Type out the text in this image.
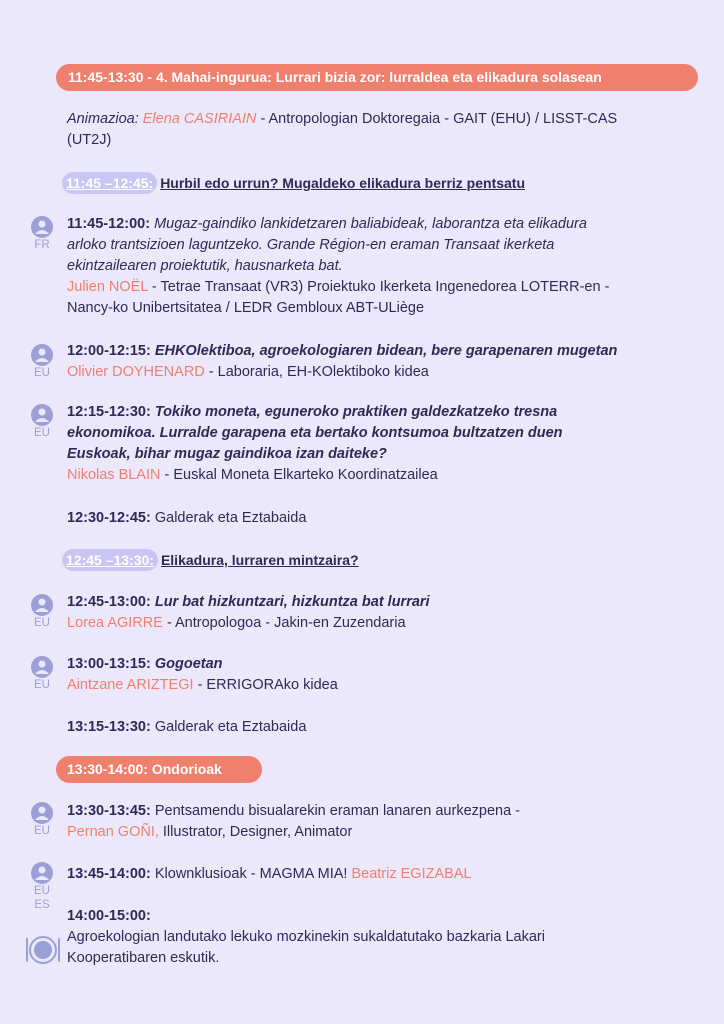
11:45-13:30 - 4. Mahai-ingurua: Lurrari bizia zor: lurraldea eta elikadura solasean
Animazioa: Elena CASIRIAIN - Antropologian Doktoregaia - GAIT (EHU) / LISST-CAS
(UT2J)
11:45 –12:45: Hurbil edo urrun? Mugaldeko elikadura berriz pentsatu
FR
11:45-12:00: Mugaz-gaindiko lankidetzaren baliabideak, laborantza eta elikadura
arloko trantsizioen laguntzeko. Grande Région-en eraman Transaat ikerketa
ekintzailearen proiektutik, hausnarketa bat.
Julien NOËL - Tetrae Transaat (VR3) Proiektuko Ikerketa Ingenedorea LOTERR-en -
Nancy-ko Unibertsitatea / LEDR Gembloux ABT-ULiège
EU
12:00-12:15: EHKOlektiboa, agroekologiaren bidean, bere garapenaren mugetan
Olivier DOYHENARD - Laboraria, EH-KOlektiboko kidea
EU
12:15-12:30: Tokiko moneta, eguneroko praktiken galdezkatzeko tresna
ekonomikoa. Lurralde garapena eta bertako kontsumoa bultzatzen duen
Euskoak, bihar mugaz gaindikoa izan daiteke?
Nikolas BLAIN - Euskal Moneta Elkarteko Koordinatzailea
12:30-12:45: Galderak eta Eztabaida
12:45 –13:30: Elikadura, lurraren mintzaira?
EU
12:45-13:00: Lur bat hizkuntzari, hizkuntza bat lurrari
Lorea AGIRRE - Antropologoa - Jakin-en Zuzendaria
EU
13:00-13:15: Gogoetan
Aintzane ARIZTEGI - ERRIGORAko kidea
13:15-13:30: Galderak eta Eztabaida
13:30-14:00: Ondorioak
EU
13:30-13:45: Pentsamendu bisualarekin eraman lanaren aurkezpena -
Pernan GOÑI, Illustrator, Designer, Animator
EU
ES
13:45-14:00: Klownklusioak - MAGMA MIA! Beatriz EGIZABAL
14:00-15:00:
Agroekologian landutako lekuko mozkinekin sukaldatutako bazkaria Lakari
Kooperatibaren eskutik.
